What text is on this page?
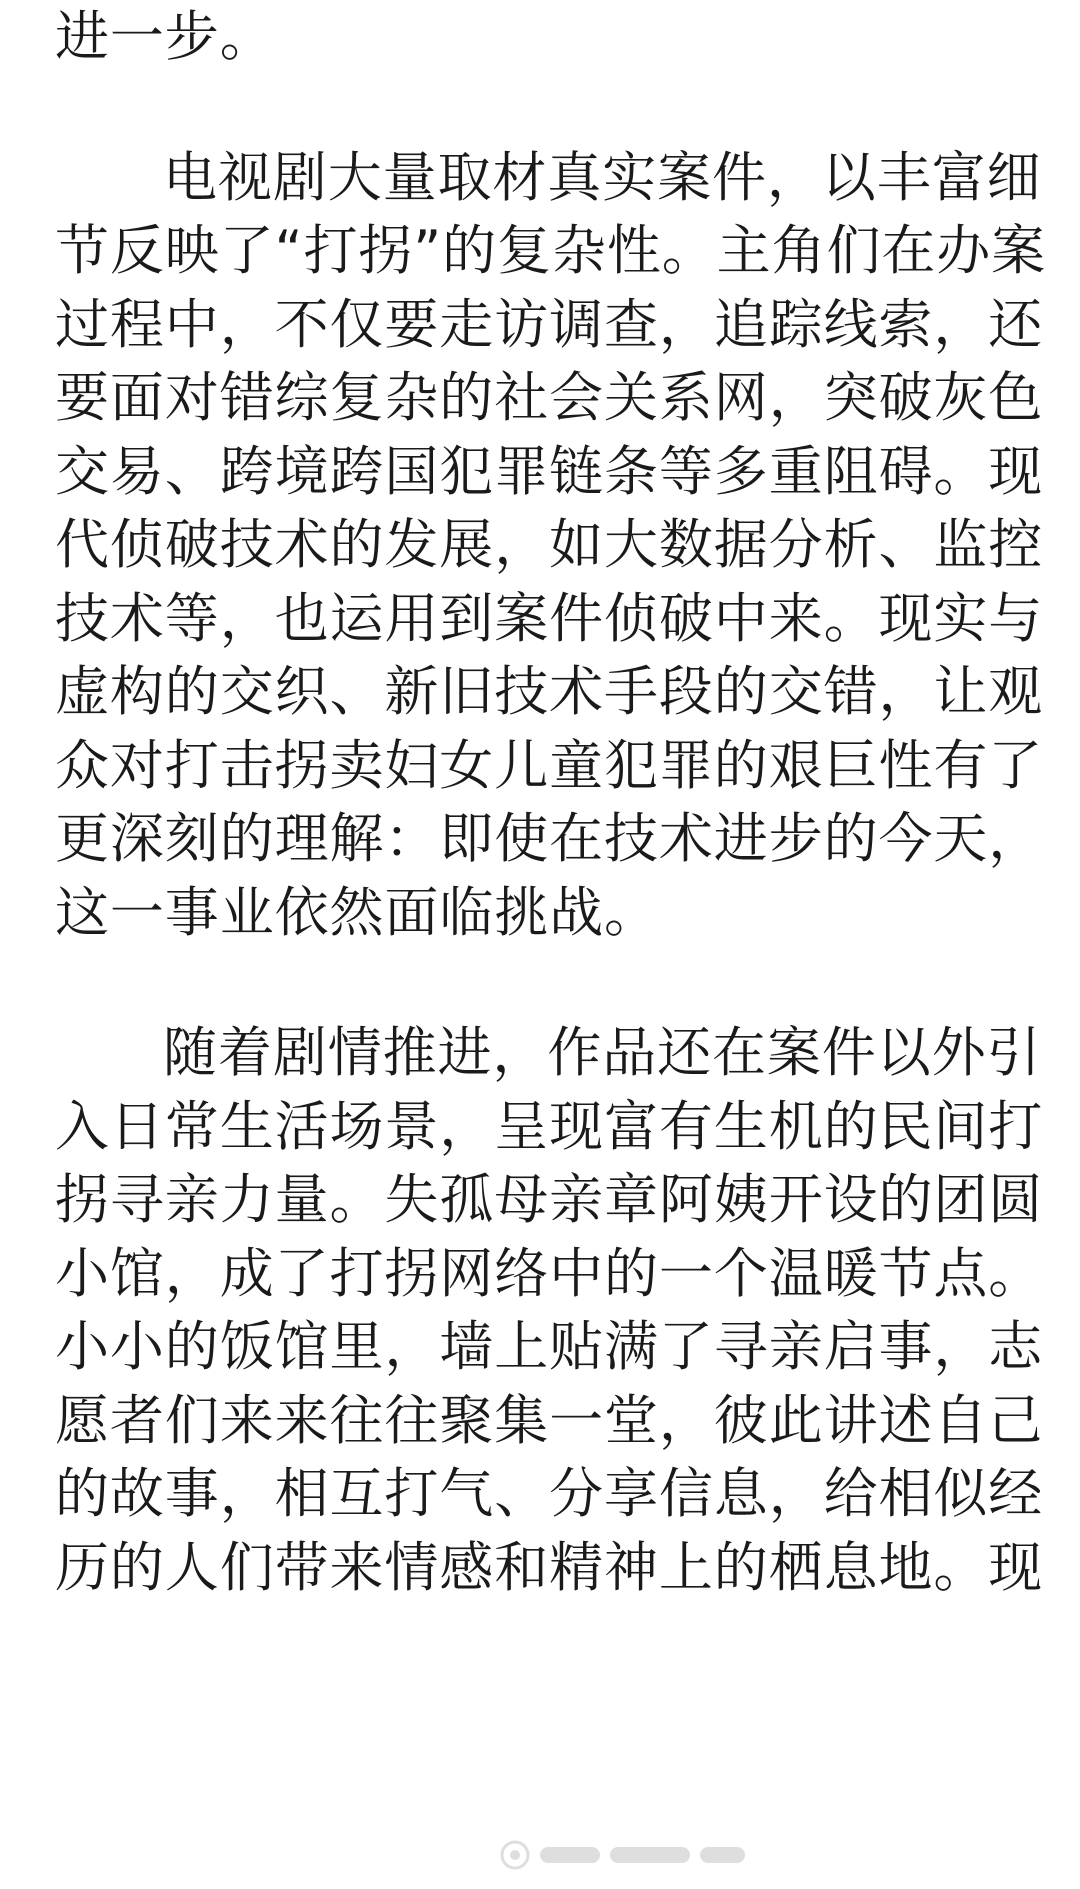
进一步。
电视剧大量取材真实案件，以丰富细
节反映了“打拐”的复杂性。主角们在办案
过程中，不仅要走访调查，追踪线索，还
要面对错综复杂的社会关系网，突破灰色
交易、跨境跨国犯罪链条等多重阻碍。现
代侦破技术的发展，如大数据分析、监控
技术等，也运用到案件侦破中来。现实与
虚构的交织、新旧技术手段的交错，让观
众对打击拐卖妇女儿童犯罪的艰巨性有了
更深刻的理解：即使在技术进步的今天，
这一事业依然面临挑战。
随着剧情推进，作品还在案件以外引
入日常生活场景，呈现富有生机的民间打
拐寻亲力量。失孤母亲章阿姨开设的团圆
小馆，成了打拐网络中的一个温暖节点。
小小的饭馆里，墙上贴满了寻亲启事，志
愿者们来来往往聚集一堂，彼此讲述自己
的故事，相互打气、分享信息，给相似经
历的人们带来情感和精神上的栖息地。现
